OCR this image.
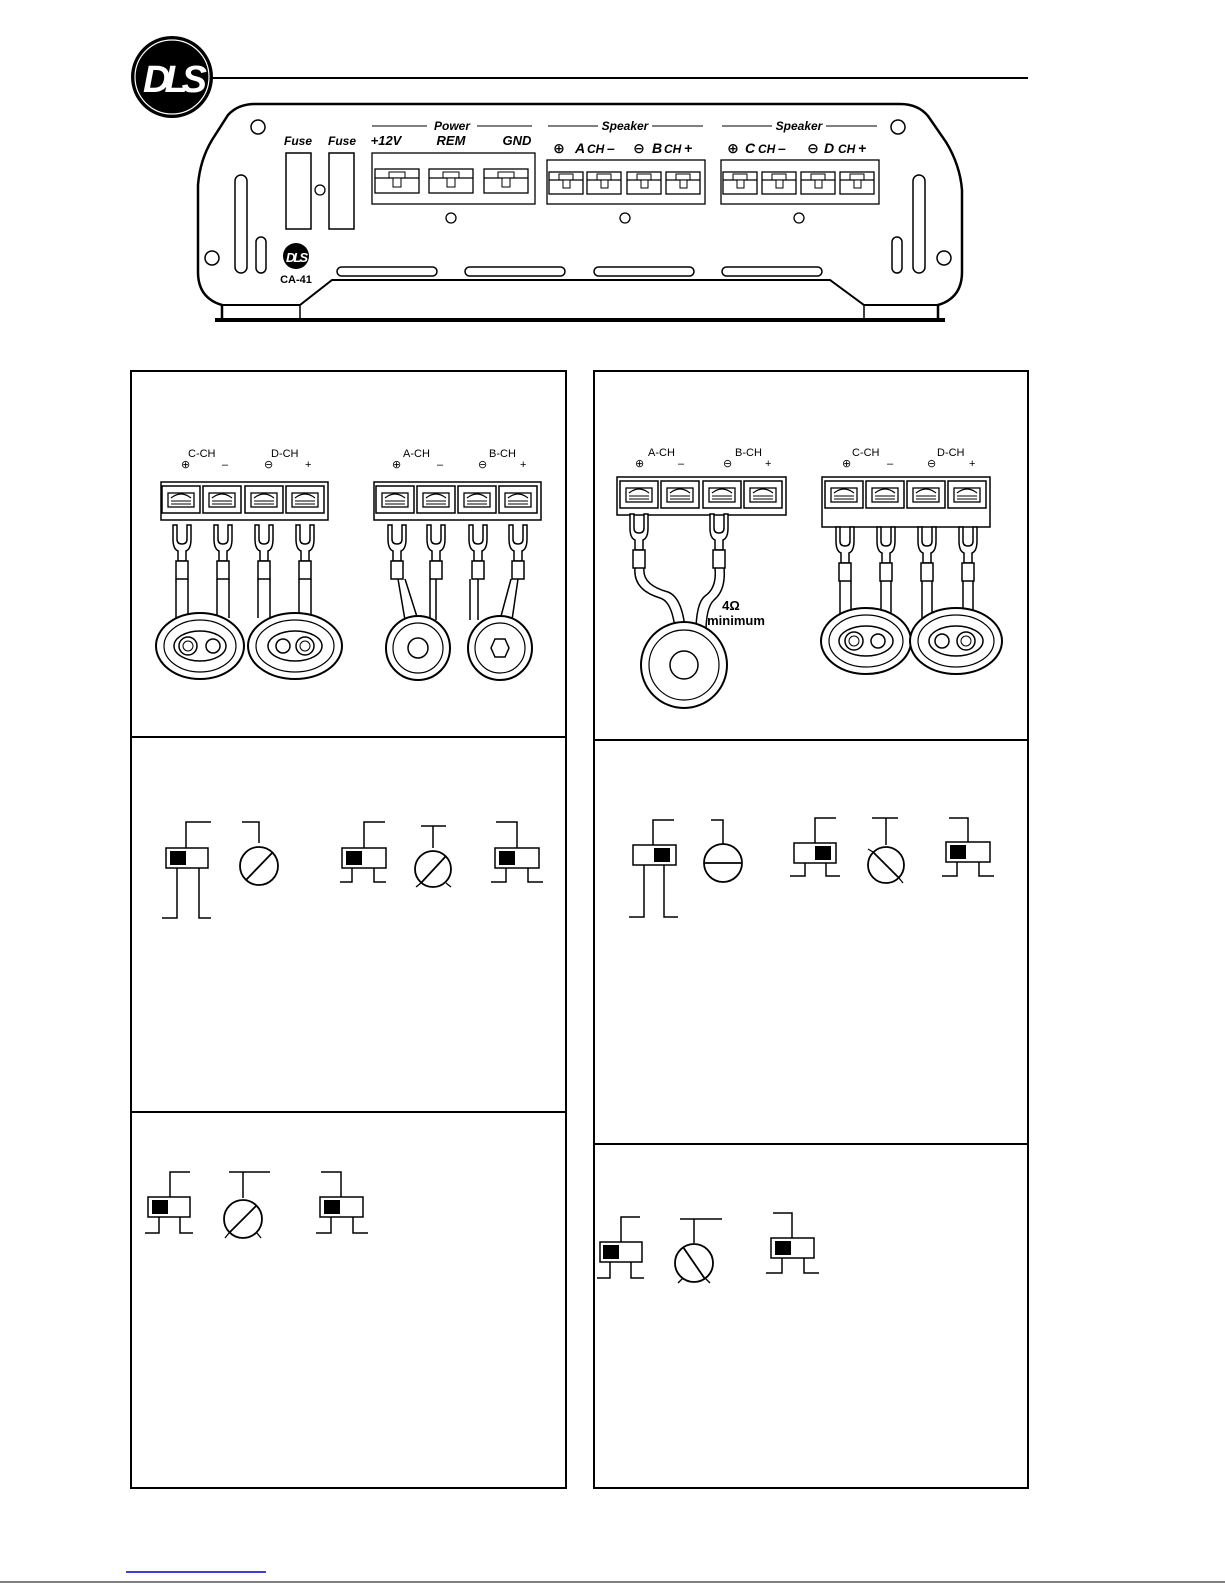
DLS
Fuse Fuse
Power
+12V	REM	GND
Speaker
⊕ A CH – ⊖ B CH +
Speaker
⊕ C CH – ⊖ D CH +
DLS
CA-41
⊕
C-CH
–	⊖
D-CH
+	⊕
A-CH
–	⊖
B-CH
+	⊕
A-CH
–	⊖
B-CH
+
4Ω
minimum
⊕
C-CH
–	⊖
D-CH
+
